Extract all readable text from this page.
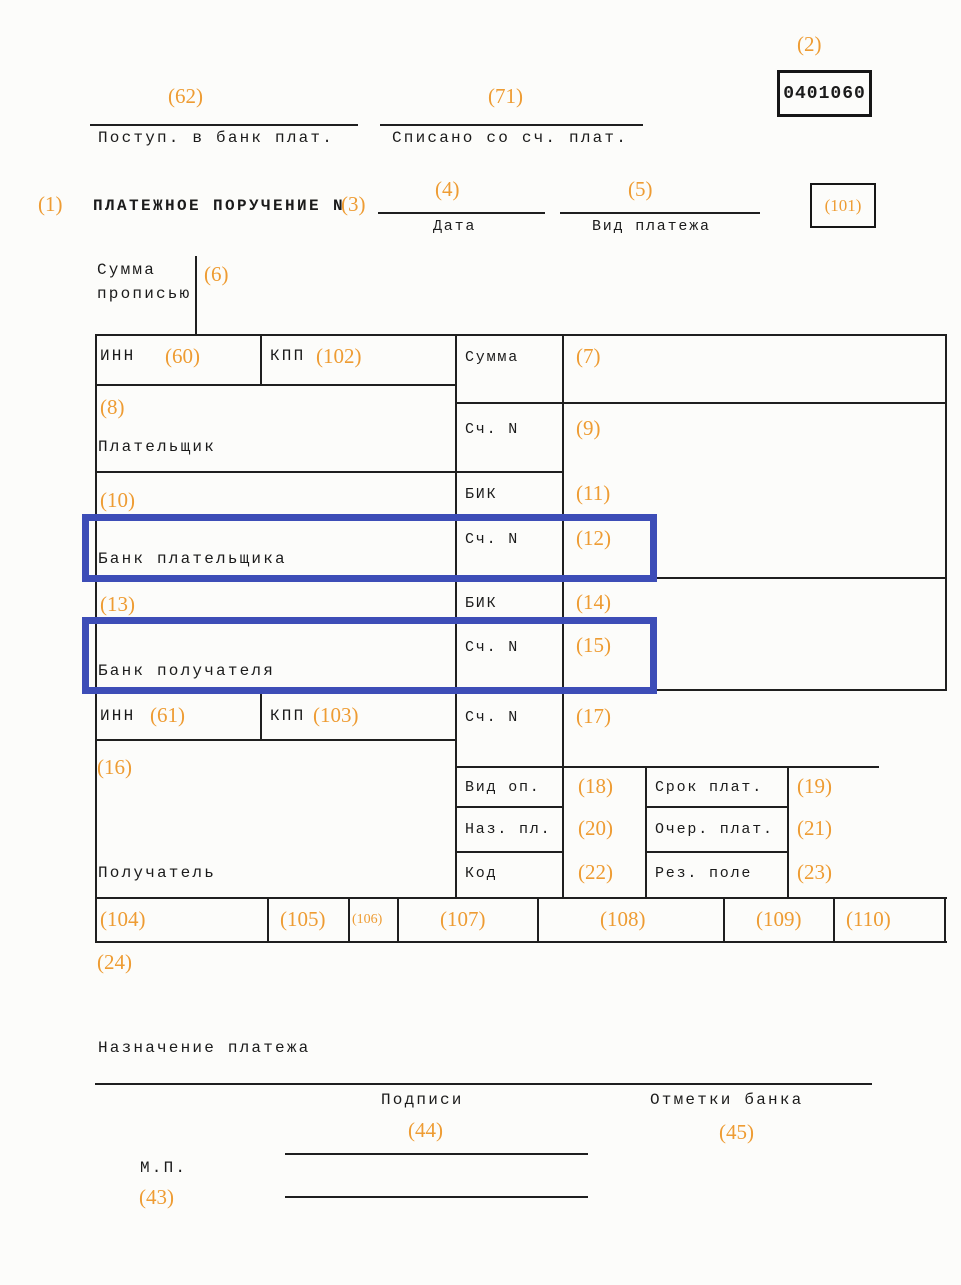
(2)
0401060
(62)
Поступ. в банк плат.
(71)
Списано со сч. плат.
(1) ПЛАТЕЖНОЕ ПОРУЧЕНИЕ N
(3)
(4)
Дата
(5)
Вид платежа
(101)
Сумма
прописью
(6)
ИНН (60)	КПП (102)	Сумма	(7)
(8)
Плательщик
Сч. N	(9)
(10)	БИК	(11)
Сч. N	(12)
Банк плательщика
(13)	БИК	(14)
Сч. N	(15)
Банк получателя
ИНН (61)	КПП (103)	Сч. N	(17)
(16)
Вид оп. (18)	Срок плат. (19)
Наз. пл. (20)	Очер. плат. (21)
Код	(22)	Рез. поле (23)
Получатель
(104)	(105) (106)	(107)	(108)	(109) (110)
(24)
Назначение платежа
Подписи	Отметки банка
(44)	(45)
М.П.
(43)
